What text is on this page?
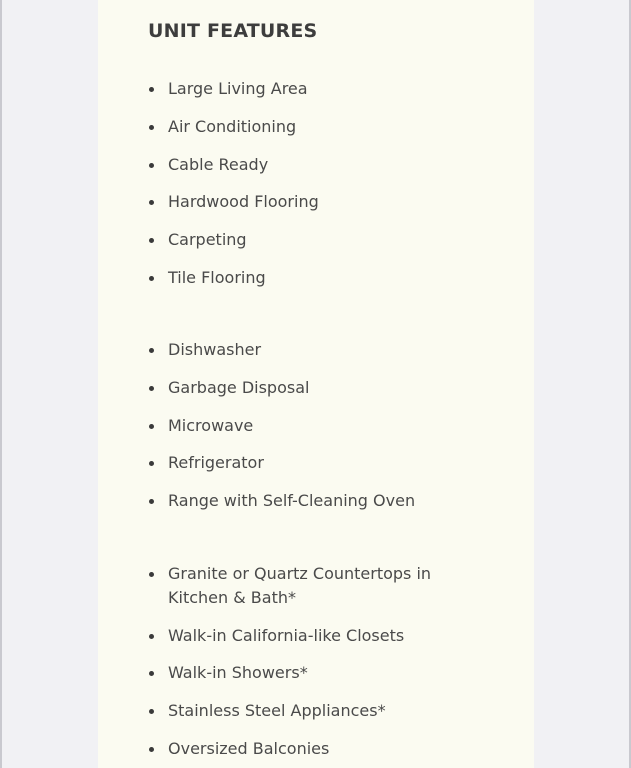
UNIT FEATURES
Large Living Area
Air Conditioning
Cable Ready
Hardwood Flooring
Carpeting
Tile Flooring
Dishwasher
Garbage Disposal
Microwave
Refrigerator
Range with Self-Cleaning Oven
Granite or Quartz Countertops in Kitchen & Bath*
Walk-in California-like Closets
Walk-in Showers*
Stainless Steel Appliances*
Oversized Balconies
